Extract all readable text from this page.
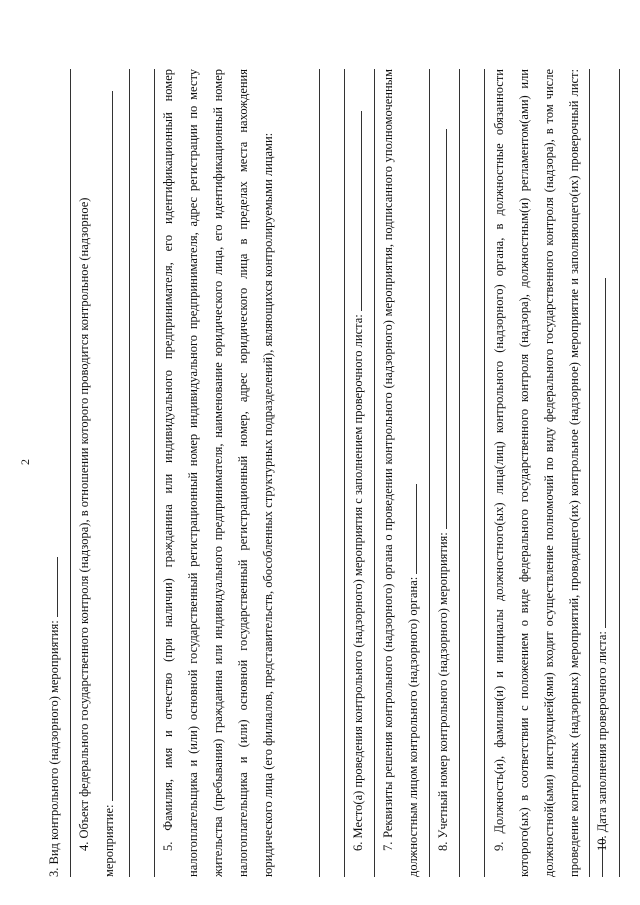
2

3. Вид контрольного (надзорного) мероприятия:	4. Объект федерального государственного контроля (надзора), в отношении которого проводится контрольное (надзорное) мероприятие:	5. Фамилия, имя и отчество (при наличии) гражданина или индивидуального предпринимателя, его идентификационный номер налогоплательщика и (или) основной государственный регистрационный номер индивидуального предпринимателя, адрес регистрации по месту жительства (пребывания) гражданина или индивидуального предпринимателя, наименование юридического лица, его идентификационный номер налогоплательщика и (или) основной государственный регистрационный номер, адрес юридического лица в пределах места нахождения юридического лица (его филиалов, представительств, обособленных структурных подразделений), являющихся контролируемыми лицами:	6. Место(а) проведения контрольного (надзорного) мероприятия с заполнением проверочного листа:	7. Реквизиты решения контрольного (надзорного) органа о проведении контрольного (надзорного) мероприятия, подписанного уполномоченным должностным лицом контрольного (надзорного) органа:	8. Учетный номер контрольного (надзорного) мероприятия:	9. Должность(и), фамилия(и) и инициалы должностного(ых) лица(лиц) контрольного (надзорного) органа, в должностные обязанности которого(ых) в соответствии с положением о виде федерального государственного контроля (надзора), должностным(и) регламентом(ами) или должностной(ыми) инструкцией(ями) входит осуществление полномочий по виду федерального государственного контроля (надзора), в том числе проведение контрольных (надзорных) мероприятий, проводящего(их) контрольное (надзорное) мероприятие и заполняющего(их) проверочный лист:	10. Дата заполнения проверочного листа:
